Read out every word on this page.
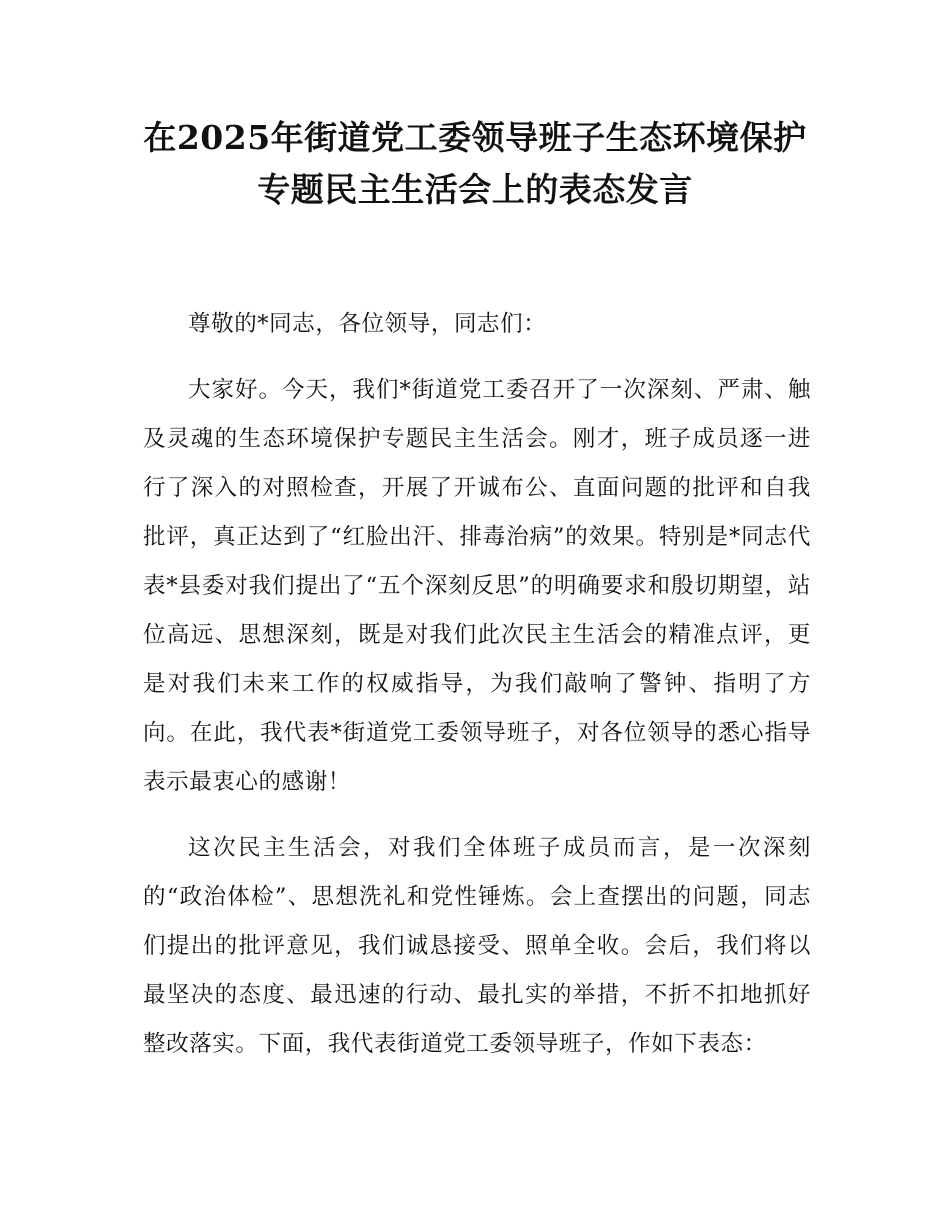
在2025年街道党工委领导班子生态环境保护
专题民主生活会上的表态发言

尊敬的*同志，各位领导，同志们：

大家好。今天，我们*街道党工委召开了一次深刻、严肃、触及灵魂的生态环境保护专题民主生活会。刚才，班子成员逐一进行了深入的对照检查，开展了开诚布公、直面问题的批评和自我批评，真正达到了“红脸出汗、排毒治病”的效果。特别是*同志代表*县委对我们提出了“五个深刻反思”的明确要求和殷切期望，站位高远、思想深刻，既是对我们此次民主生活会的精准点评，更是对我们未来工作的权威指导，为我们敲响了警钟、指明了方向。在此，我代表*街道党工委领导班子，对各位领导的悉心指导表示最衷心的感谢！

这次民主生活会，对我们全体班子成员而言，是一次深刻的“政治体检”、思想洗礼和党性锤炼。会上查摆出的问题，同志们提出的批评意见，我们诚恳接受、照单全收。会后，我们将以最坚决的态度、最迅速的行动、最扎实的举措，不折不扣地抓好整改落实。下面，我代表街道党工委领导班子，作如下表态：
